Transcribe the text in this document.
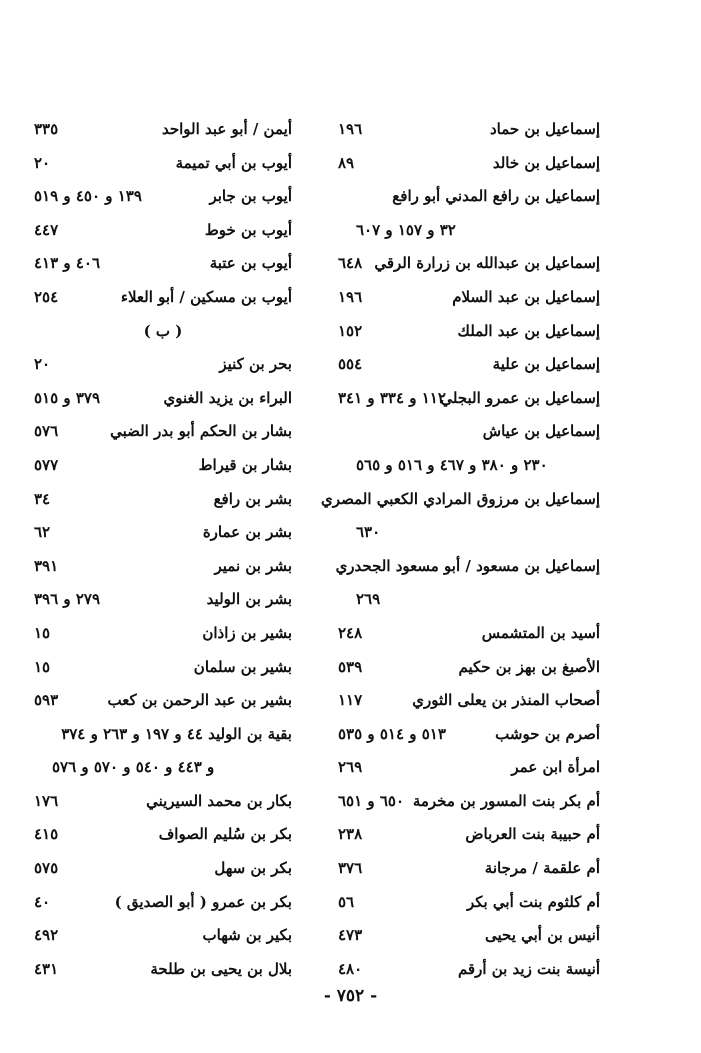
إسماعيل بن حماد
١٩٦
إسماعيل بن خالد
٨٩
إسماعيل بن رافع المدني أبو رافع
٣٢ و ١٥٧ و ٦٠٧
إسماعيل بن عبدالله بن زرارة الرقي
٦٤٨
إسماعيل بن عبد السلام
١٩٦
إسماعيل بن عبد الملك
١٥٢
إسماعيل بن علية
٥٥٤
إسماعيل بن عمرو البجلي
١١٢ و ٣٣٤ و ٣٤١
إسماعيل بن عياش
٢٣٠ و ٣٨٠ و ٤٦٧ و ٥١٦ و ٥٦٥
إسماعيل بن مرزوق المرادي الكعبي المصري
٦٣٠
إسماعيل بن مسعود / أبو مسعود الجحدري
٢٦٩
أسيد بن المتشمس
٢٤٨
الأصبغ بن بهز بن حكيم
٥٣٩
أصحاب المنذر بن يعلى الثوري
١١٧
أصرم بن حوشب
٥١٣ و ٥١٤ و ٥٣٥
امرأة ابن عمر
٢٦٩
أم بكر بنت المسور بن مخرمة
٦٥٠ و ٦٥١
أم حبيبة بنت العرباض
٢٣٨
أم علقمة / مرجانة
٣٧٦
أم كلثوم بنت أبي بكر
٥٦
أنيس بن أبي يحيى
٤٧٣
أنيسة بنت زيد بن أرقم
٤٨٠
أيمن / أبو عبد الواحد
٣٣٥
أيوب بن أبي تميمة
٢٠
أيوب بن جابر
١٣٩ و ٤٥٠ و ٥١٩
أيوب بن خوط
٤٤٧
أيوب بن عتبة
٤٠٦ و ٤١٣
أيوب بن مسكين / أبو العلاء
٢٥٤
( ب )
بحر بن كنيز
٢٠
البراء بن يزيد الغنوي
٣٧٩ و ٥١٥
بشار بن الحكم أبو بدر الضبي
٥٧٦
بشار بن قيراط
٥٧٧
بشر بن رافع
٣٤
بشر بن عمارة
٦٢
بشر بن نمير
٣٩١
بشر بن الوليد
٢٧٩ و ٣٩٦
بشير بن زاذان
١٥
بشير بن سلمان
١٥
بشير بن عبد الرحمن بن كعب
٥٩٣
بقية بن الوليد ٤٤ و ١٩٧ و ٢٦٣ و ٣٧٤
و ٤٤٣ و ٥٤٠ و ٥٧٠ و ٥٧٦
بكار بن محمد السيريني
١٧٦
بكر بن سُليم الصواف
٤١٥
بكر بن سهل
٥٧٥
بكر بن عمرو ( أبو الصديق )
٤٠
بكير بن شهاب
٤٩٢
بلال بن يحيى بن طلحة
٤٣١
- ٧٥٢ -
